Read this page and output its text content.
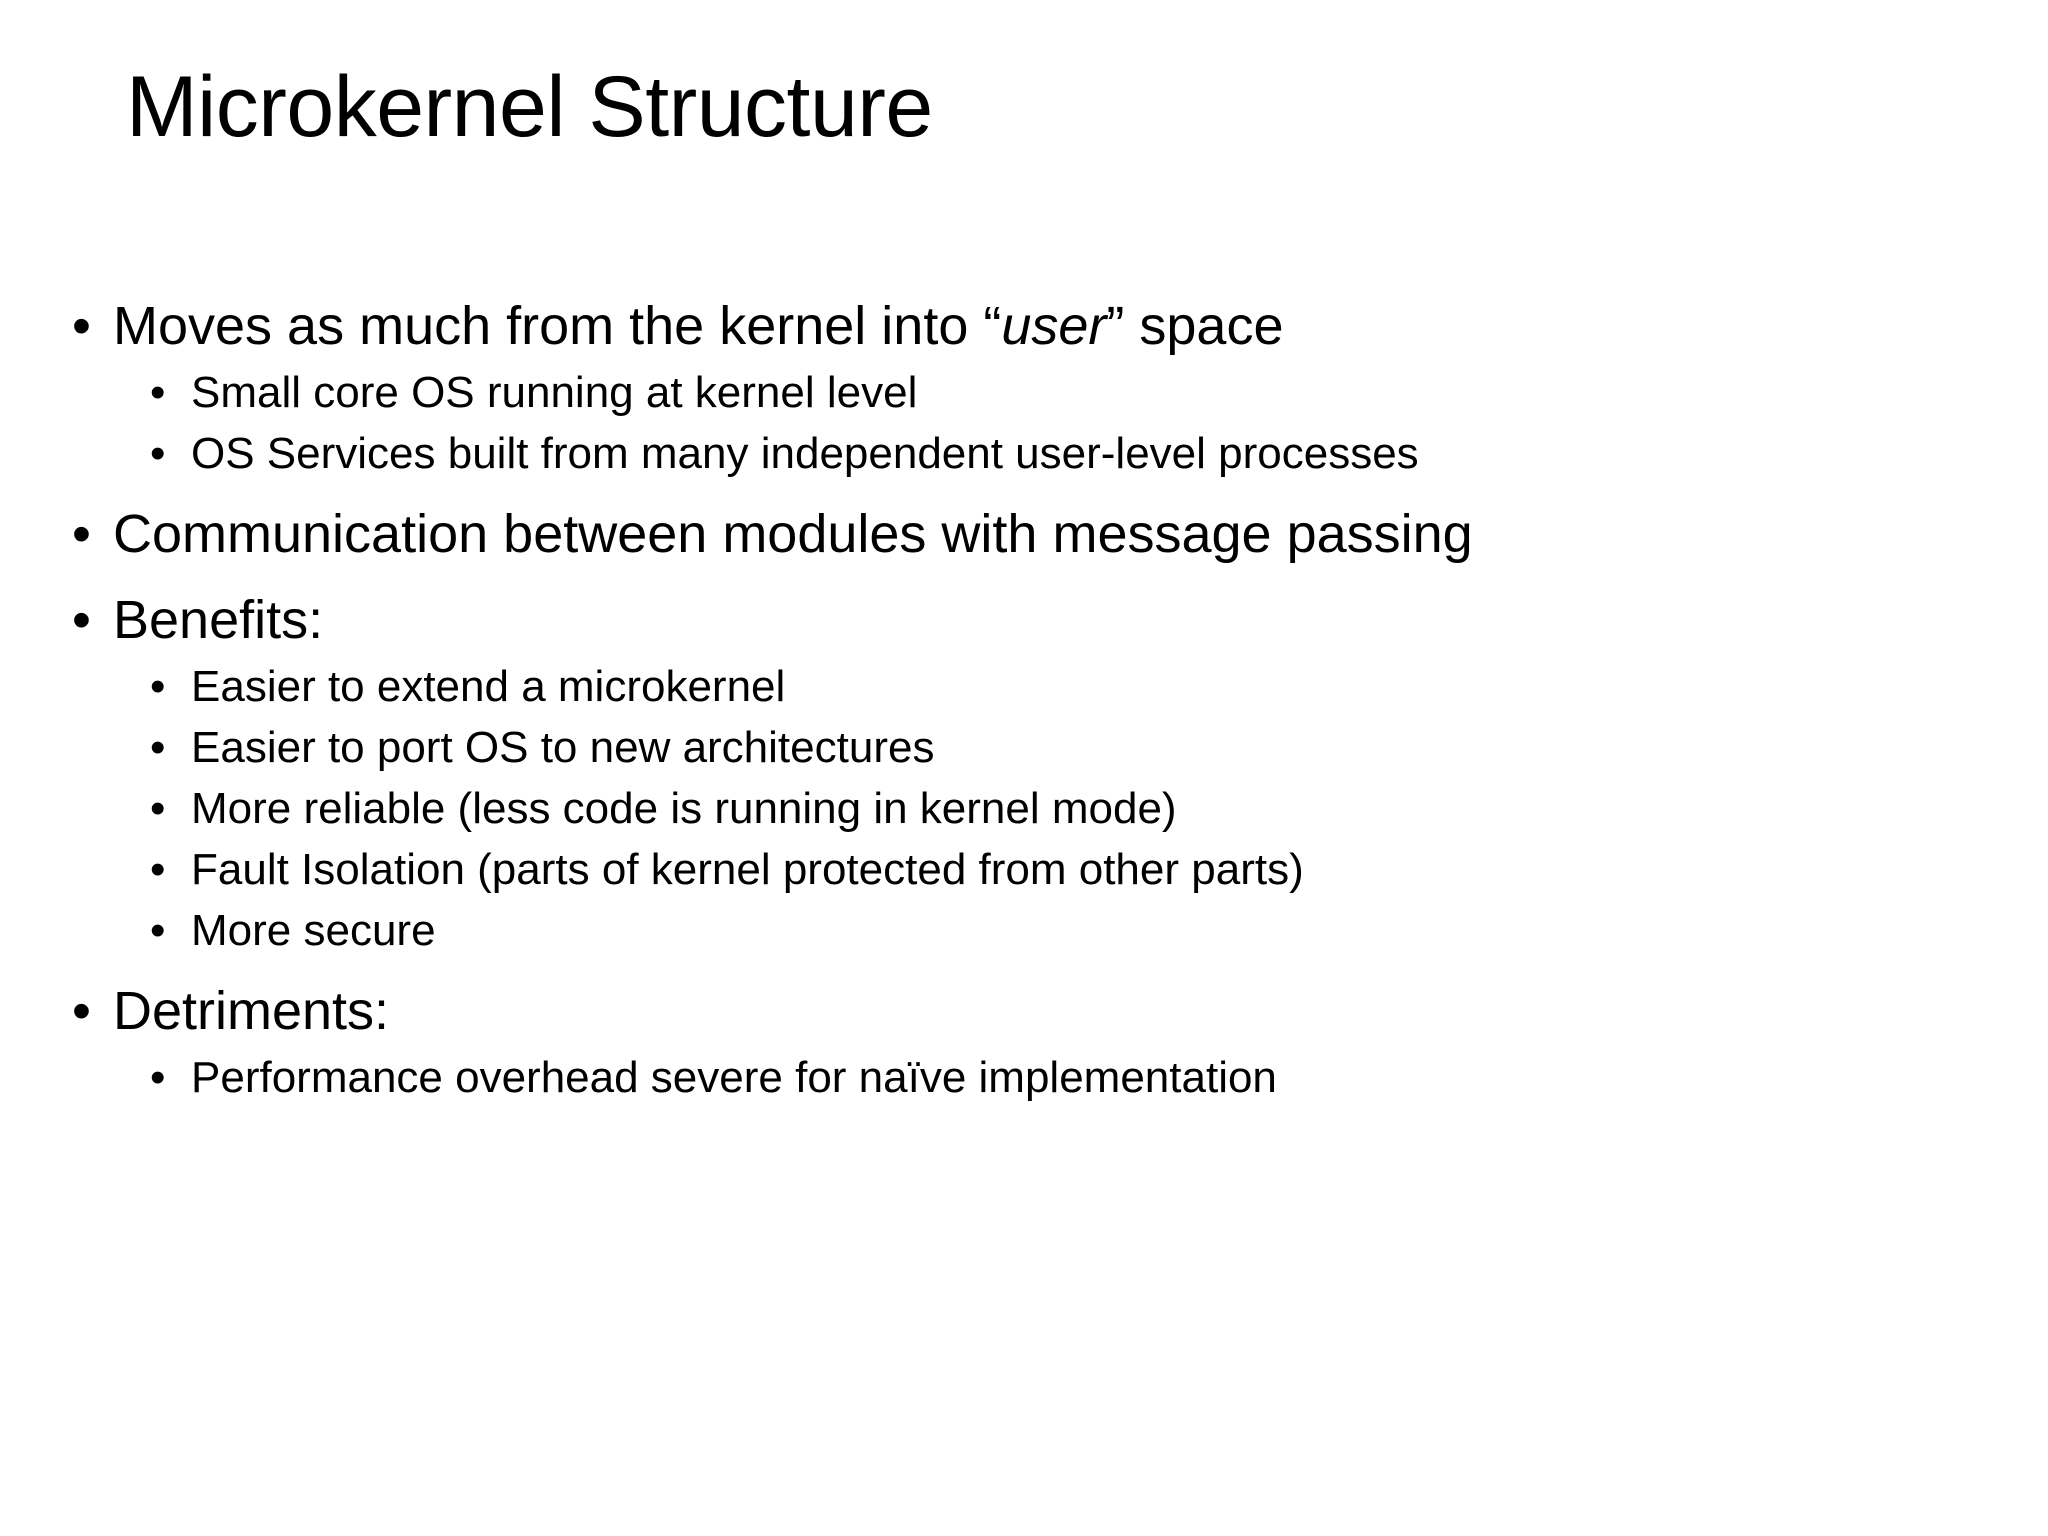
Microkernel Structure
• Moves as much from the kernel into “user” space
• Small core OS running at kernel level
• OS Services built from many independent user-level processes
• Communication between modules with message passing
• Benefits:
• Easier to extend a microkernel
• Easier to port OS to new architectures
• More reliable (less code is running in kernel mode)
• Fault Isolation (parts of kernel protected from other parts)
• More secure
• Detriments:
• Performance overhead severe for naïve implementation
